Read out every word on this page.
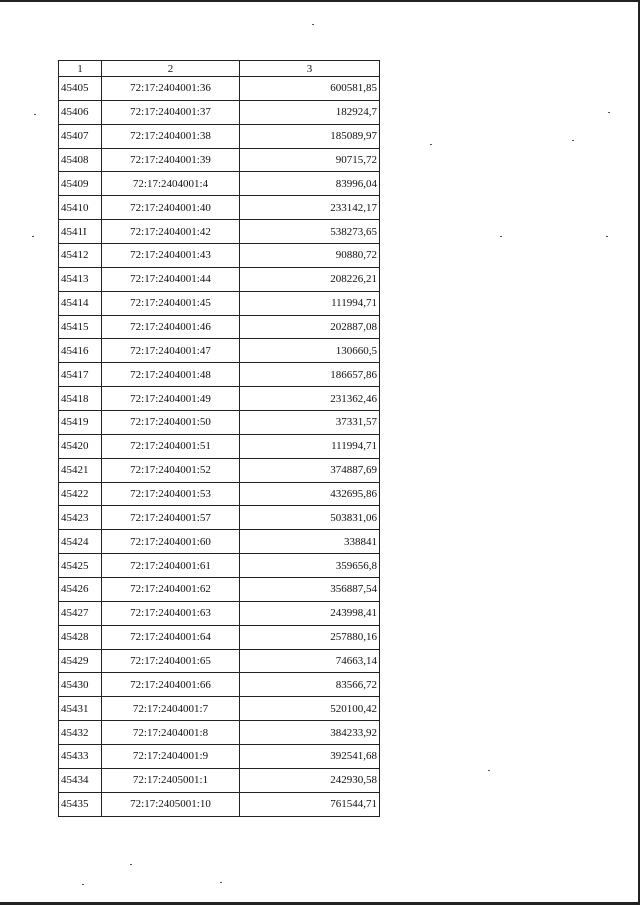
1	2	3
45405	72:17:2404001:36	600581,85
45406	72:17:2404001:37	182924,7
45407	72:17:2404001:38	185089,97
45408	72:17:2404001:39	90715,72
45409	72:17:2404001:4	83996,04
45410	72:17:2404001:40	233142,17
4541I	72:17:2404001:42	538273,65
45412	72:17:2404001:43	90880,72
45413	72:17:2404001:44	208226,21
45414	72:17:2404001:45	111994,71
45415	72:17:2404001:46	202887,08
45416	72:17:2404001:47	130660,5
45417	72:17:2404001:48	186657,86
45418	72:17:2404001:49	231362,46
45419	72:17:2404001:50	37331,57
45420	72:17:2404001:51	111994,71
45421	72:17:2404001:52	374887,69
45422	72:17:2404001:53	432695,86
45423	72:17:2404001:57	503831,06
45424	72:17:2404001:60	338841
45425	72:17:2404001:61	359656,8
45426	72:17:2404001:62	356887,54
45427	72:17:2404001:63	243998,41
45428	72:17:2404001:64	257880,16
45429	72:17:2404001:65	74663,14
45430	72:17:2404001:66	83566,72
45431	72:17:2404001:7	520100,42
45432	72:17:2404001:8	384233,92
45433	72:17:2404001:9	392541,68
45434	72:17:2405001:1	242930,58
45435	72:17:2405001:10	761544,71
